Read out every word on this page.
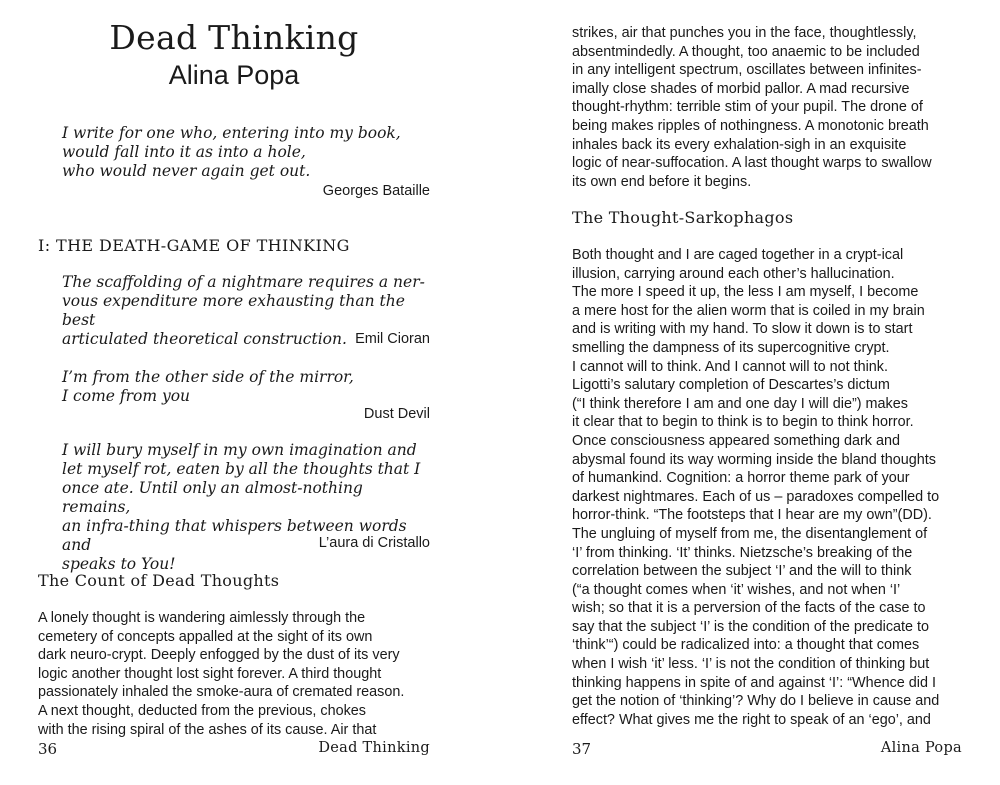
Dead Thinking
Alina Popa
I write for one who, entering into my book,
would fall into it as into a hole,
who would never again get out.
Georges Bataille
I: THE DEATH-GAME OF THINKING
The scaffolding of a nightmare requires a ner-
vous expenditure more exhausting than the best
articulated theoretical construction. Emil Cioran
I’m from the other side of the mirror,
I come from you
Dust Devil
I will bury myself in my own imagination and
let myself rot, eaten by all the thoughts that I
once ate. Until only an almost-nothing remains,
an infra-thing that whispers between words and
speaks to You!
L’aura di Cristallo
The Count of Dead Thoughts
A lonely thought is wandering aimlessly through the
cemetery of concepts appalled at the sight of its own
dark neuro-crypt. Deeply enfogged by the dust of its very
logic another thought lost sight forever. A third thought
passionately inhaled the smoke-aura of cremated reason.
A next thought, deducted from the previous, chokes
with the rising spiral of the ashes of its cause. Air that
36	Dead Thinking
strikes, air that punches you in the face, thoughtlessly,
absentmindedly. A thought, too anaemic to be included
in any intelligent spectrum, oscillates between infinites-
imally close shades of morbid pallor. A mad recursive
thought-rhythm: terrible stim of your pupil. The drone of
being makes ripples of nothingness. A monotonic breath
inhales back its every exhalation-sigh in an exquisite
logic of near-suffocation. A last thought warps to swallow
its own end before it begins.
The Thought-Sarkophagos
Both thought and I are caged together in a crypt-ical
illusion, carrying around each other’s hallucination.
The more I speed it up, the less I am myself, I become
a mere host for the alien worm that is coiled in my brain
and is writing with my hand. To slow it down is to start
smelling the dampness of its supercognitive crypt.
I cannot will to think. And I cannot will to not think.
Ligotti’s salutary completion of Descartes’s dictum
(“I think therefore I am and one day I will die”) makes
it clear that to begin to think is to begin to think horror.
Once consciousness appeared something dark and
abysmal found its way worming inside the bland thoughts
of humankind. Cognition: a horror theme park of your
darkest nightmares. Each of us – paradoxes compelled to
horror-think. “The footsteps that I hear are my own”(DD).
The ungluing of myself from me, the disentanglement of
‘I’ from thinking. ‘It’ thinks. Nietzsche’s breaking of the
correlation between the subject ‘I’ and the will to think
(“a thought comes when ‘it’ wishes, and not when ‘I’
wish; so that it is a perversion of the facts of the case to
say that the subject ‘I’ is the condition of the predicate to
‘think’“) could be radicalized into: a thought that comes
when I wish ‘it’ less. ‘I’ is not the condition of thinking but
thinking happens in spite of and against ‘I’: “Whence did I
get the notion of ‘thinking’? Why do I believe in cause and
effect? What gives me the right to speak of an ‘ego’, and
37	Alina Popa
